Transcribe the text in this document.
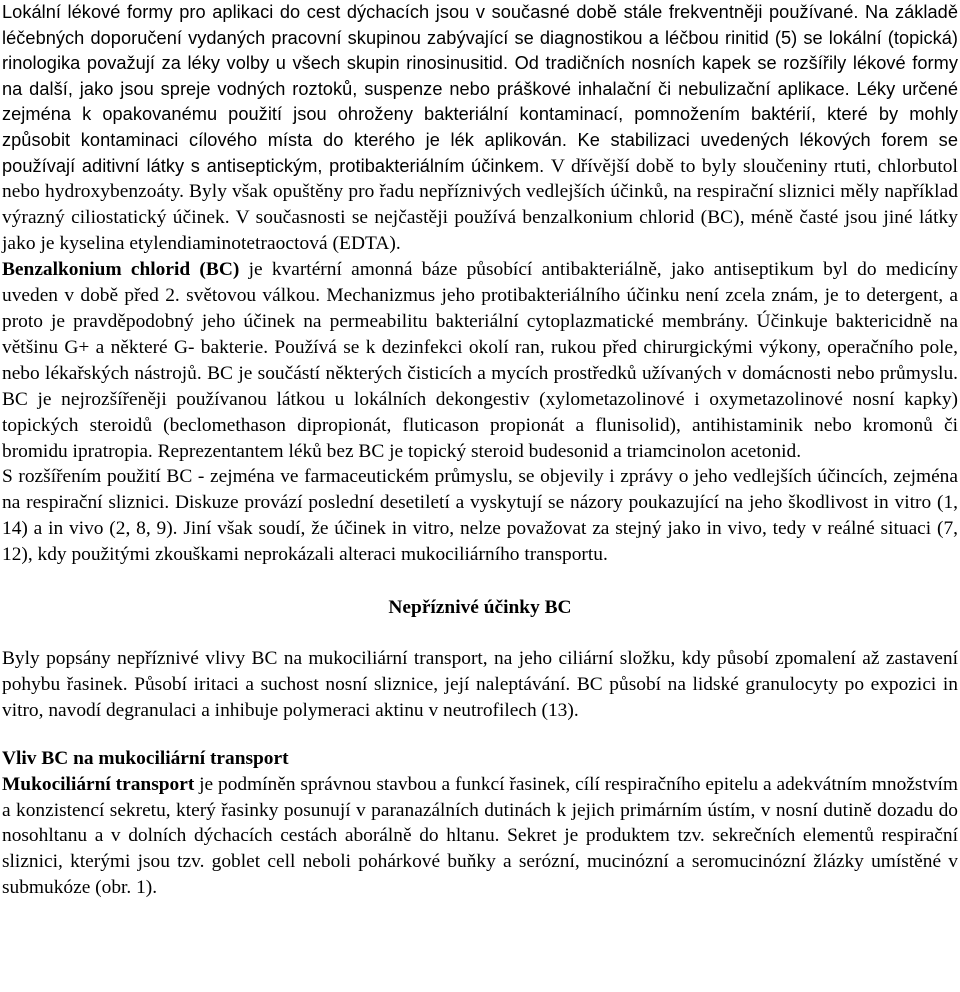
Lokální lékové formy pro aplikaci do cest dýchacích jsou v současné době stále frekventněji používané. Na základě léčebných doporučení vydaných pracovní skupinou zabývající se diagnostikou a léčbou rinitid (5) se lokální (topická) rinologika považují za léky volby u všech skupin rinosinusitid. Od tradičních nosních kapek se rozšířily lékové formy na další, jako jsou spreje vodných roztoků, suspenze nebo práškové inhalační či nebulizační aplikace. Léky určené zejména k opakovanému použití jsou ohroženy bakteriální kontaminací, pomnožením baktérií, které by mohly způsobit kontaminaci cílového místa do kterého je lék aplikován. Ke stabilizaci uvedených lékových forem se používají aditivní látky s antiseptickým, protibakteriálním účinkem. V dřívější době to byly sloučeniny rtuti, chlorbutol nebo hydroxybenzoáty. Byly však opuštěny pro řadu nepříznivých vedlejších účinků, na respirační sliznici měly například výrazný ciliostatický účinek. V současnosti se nejčastěji používá benzalkonium chlorid (BC), méně časté jsou jiné látky jako je kyselina etylendiaminotetraoctová (EDTA).

Benzalkonium chlorid (BC) je kvartérní amonná báze působící antibakteriálně, jako antiseptikum byl do medicíny uveden v době před 2. světovou válkou. Mechanizmus jeho protibakteriálního účinku není zcela znám, je to detergent, a proto je pravděpodobný jeho účinek na permeabilitu bakteriální cytoplazmatické membrány. Účinkuje baktericidně na většinu G+ a některé G- bakterie. Používá se k dezinfekci okolí ran, rukou před chirurgickými výkony, operačního pole, nebo lékařských nástrojů. BC je součástí některých čisticích a mycích prostředků užívaných v domácnosti nebo průmyslu. BC je nejrozšířeněji používanou látkou u lokálních dekongestiv (xylometazolinové i oxymetazolinové nosní kapky) topických steroidů (beclomethason dipropionát, fluticason propionát a flunisolid), antihistaminik nebo kromonů či bromidu ipratropia. Reprezentantem léků bez BC je topický steroid budesonid a triamcinolon acetonid.

S rozšířením použití BC - zejména ve farmaceutickém průmyslu, se objevily i zprávy o jeho vedlejších účincích, zejména na respirační sliznici. Diskuze provází poslední desetiletí a vyskytují se názory poukazující na jeho škodlivost in vitro (1, 14) a in vivo (2, 8, 9). Jiní však soudí, že účinek in vitro, nelze považovat za stejný jako in vivo, tedy v reálné situaci (7, 12), kdy použitými zkouškami neprokázali alteraci mukociliárního transportu.

Nepříznivé účinky BC

Byly popsány nepříznivé vlivy BC na mukociliární transport, na jeho ciliární složku, kdy působí zpomalení až zastavení pohybu řasinek. Působí iritaci a suchost nosní sliznice, její naleptávání. BC působí na lidské granulocyty po expozici in vitro, navodí degranulaci a inhibuje polymeraci aktinu v neutrofilech (13).

Vliv BC na mukociliární transport

Mukociliární transport je podmíněn správnou stavbou a funkcí řasinek, cílí respiračního epitelu a adekvátním množstvím a konzistencí sekretu, který řasinky posunují v paranazálních dutinách k jejich primárním ústím, v nosní dutině dozadu do nosohltanu a v dolních dýchacích cestách aborálně do hltanu. Sekret je produktem tzv. sekrečních elementů respirační sliznici, kterými jsou tzv. goblet cell neboli pohárkové buňky a serózní, mucinózní a seromucinózní žlázky umístěné v submukóze (obr. 1).
